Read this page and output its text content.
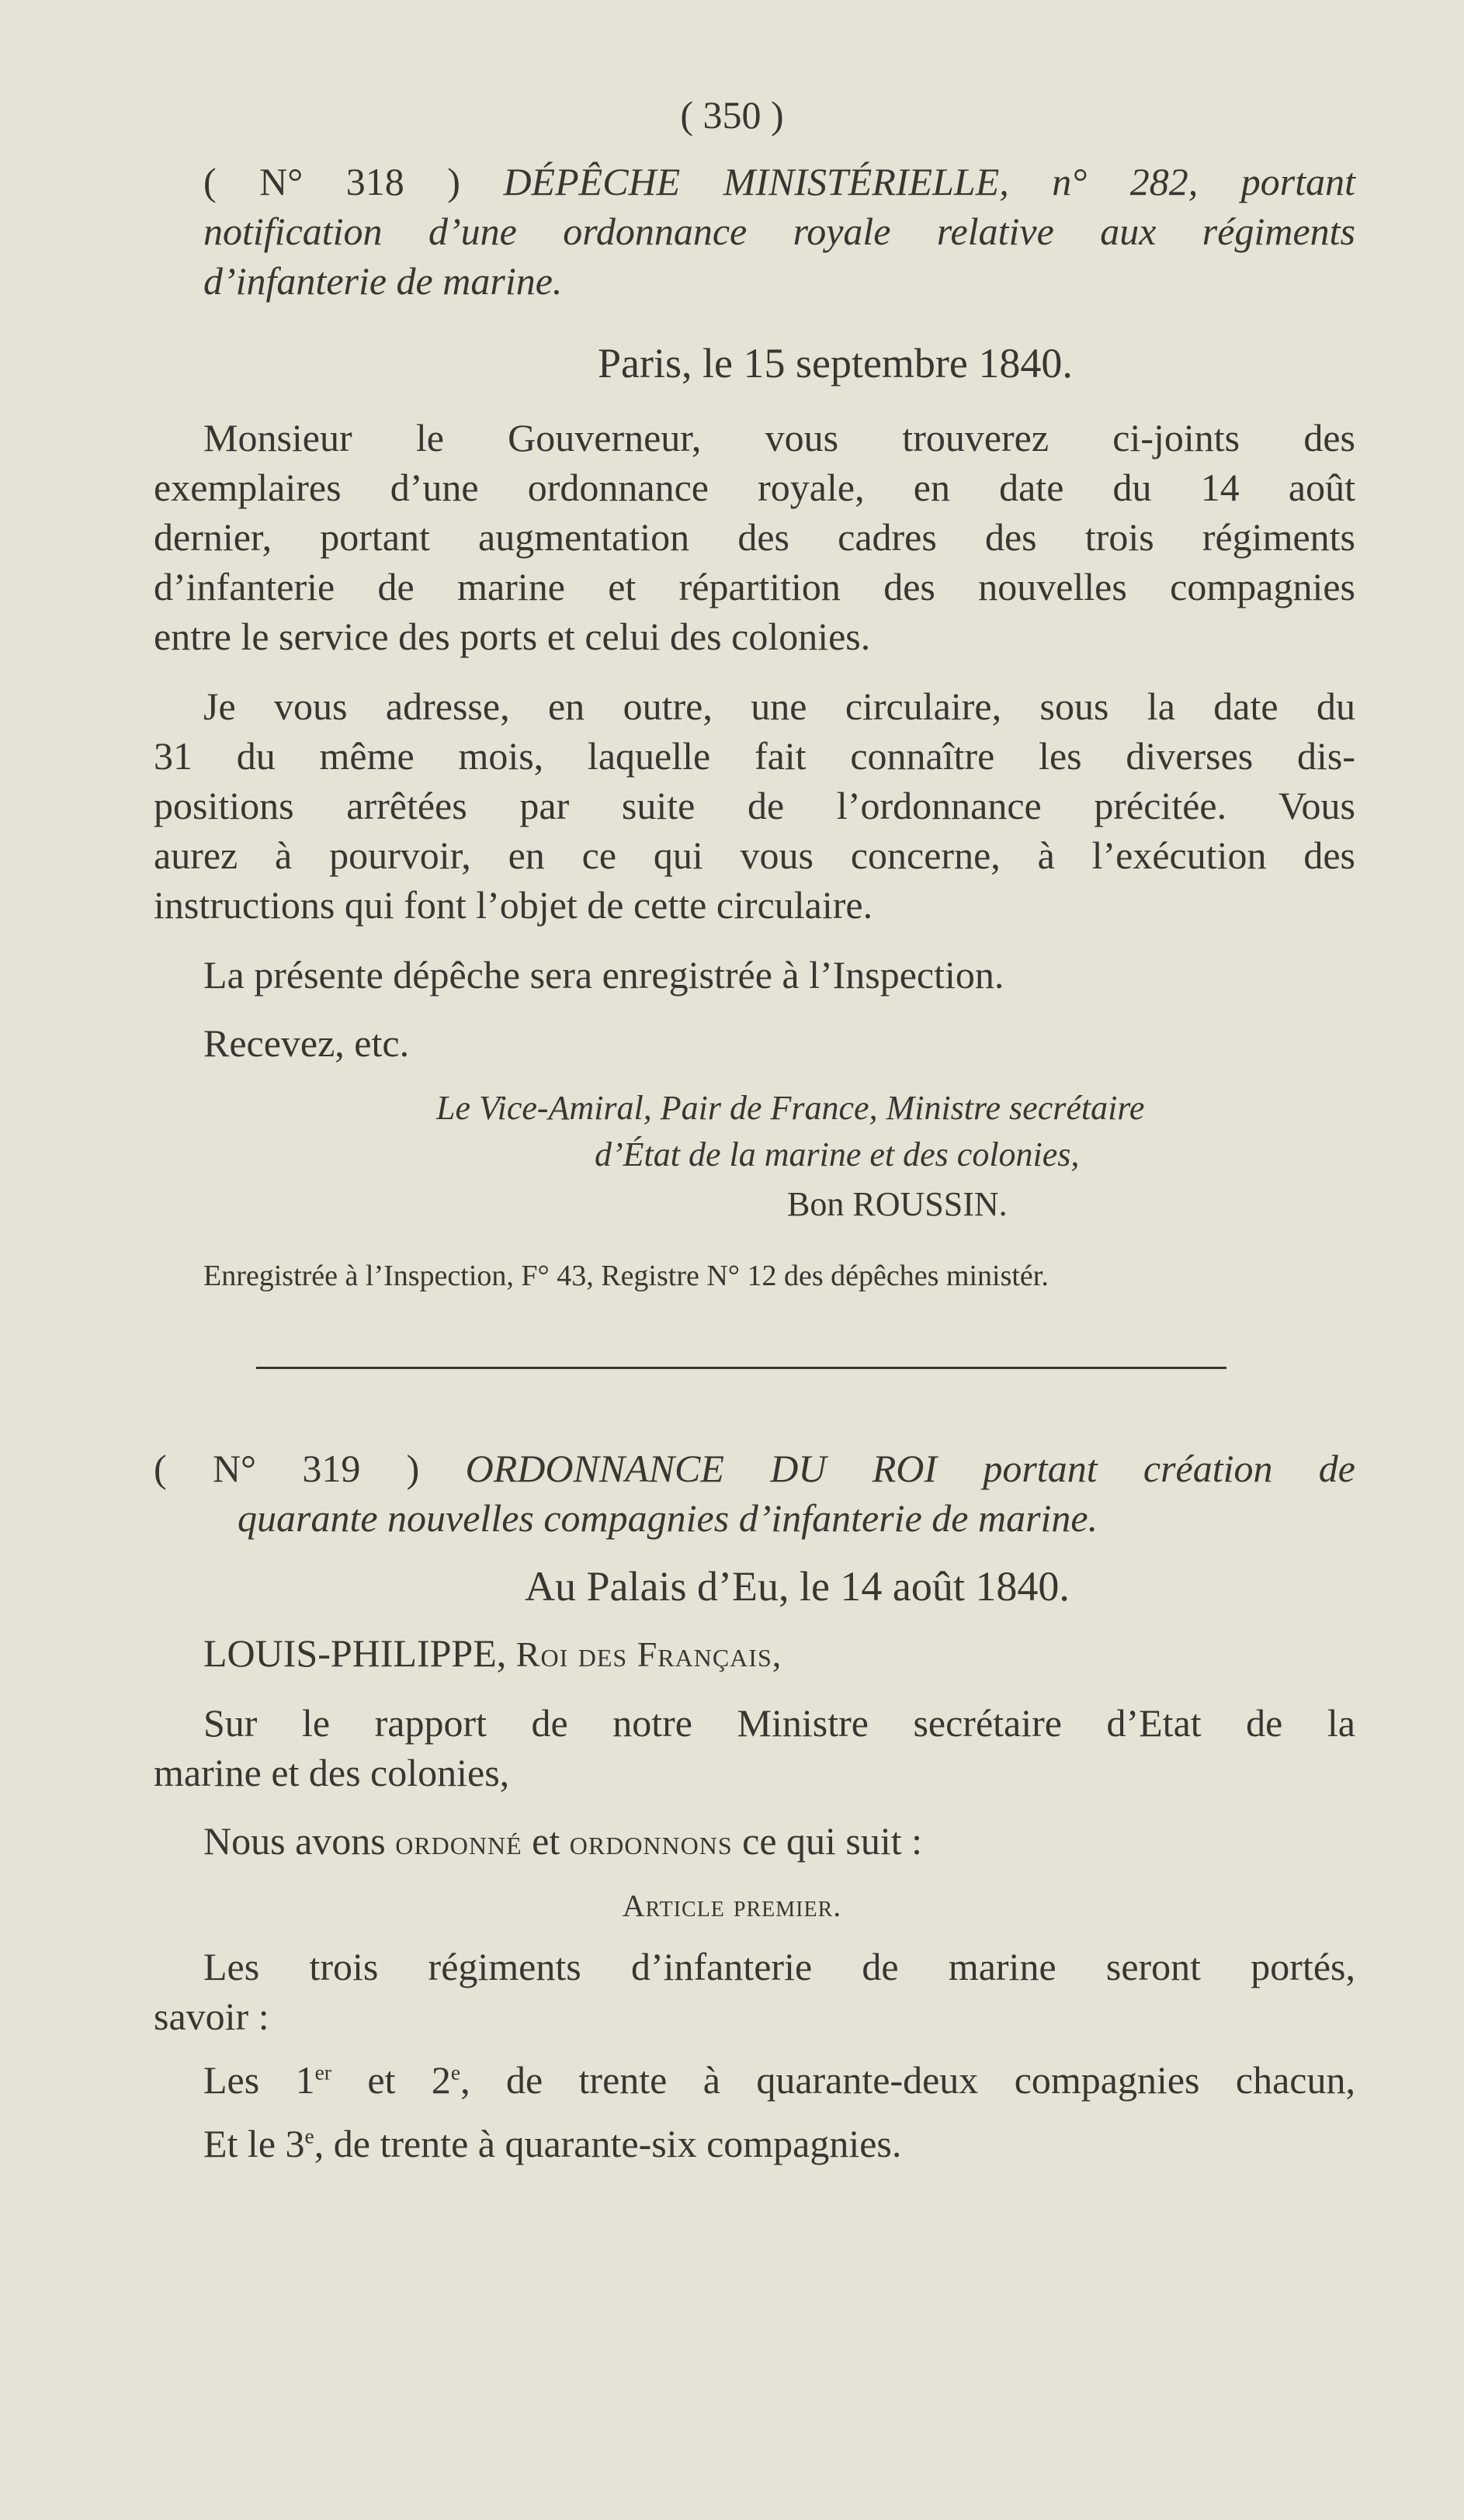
( 350 )
( N° 318 ) DÉPÊCHE MINISTÉRIELLE, n° 282, portant
notification d’une ordonnance royale relative aux régiments
d’infanterie de marine.
Paris, le 15 septembre 1840.
Monsieur le Gouverneur, vous trouverez ci-joints des
exemplaires d’une ordonnance royale, en date du 14 août
dernier, portant augmentation des cadres des trois régiments
d’infanterie de marine et répartition des nouvelles compagnies
entre le service des ports et celui des colonies.
Je vous adresse, en outre, une circulaire, sous la date du
31 du même mois, laquelle fait connaître les diverses dis-
positions arrêtées par suite de l’ordonnance précitée. Vous
aurez à pourvoir, en ce qui vous concerne, à l’exécution des
instructions qui font l’objet de cette circulaire.
La présente dépêche sera enregistrée à l’Inspection.
Recevez, etc.
Le Vice-Amiral, Pair de France, Ministre secrétaire
d’État de la marine et des colonies,
Bon ROUSSIN.
Enregistrée à l’Inspection, F° 43, Registre N° 12 des dépêches ministér.
( N° 319 ) ORDONNANCE DU ROI portant création de
quarante nouvelles compagnies d’infanterie de marine.
Au Palais d’Eu, le 14 août 1840.
LOUIS-PHILIPPE, Roi des Français,
Sur le rapport de notre Ministre secrétaire d’Etat de la
marine et des colonies,
Nous avons ordonné et ordonnons ce qui suit :
Article premier.
Les trois régiments d’infanterie de marine seront portés,
savoir :
Les 1er et 2e, de trente à quarante-deux compagnies chacun,
Et le 3e, de trente à quarante-six compagnies.
